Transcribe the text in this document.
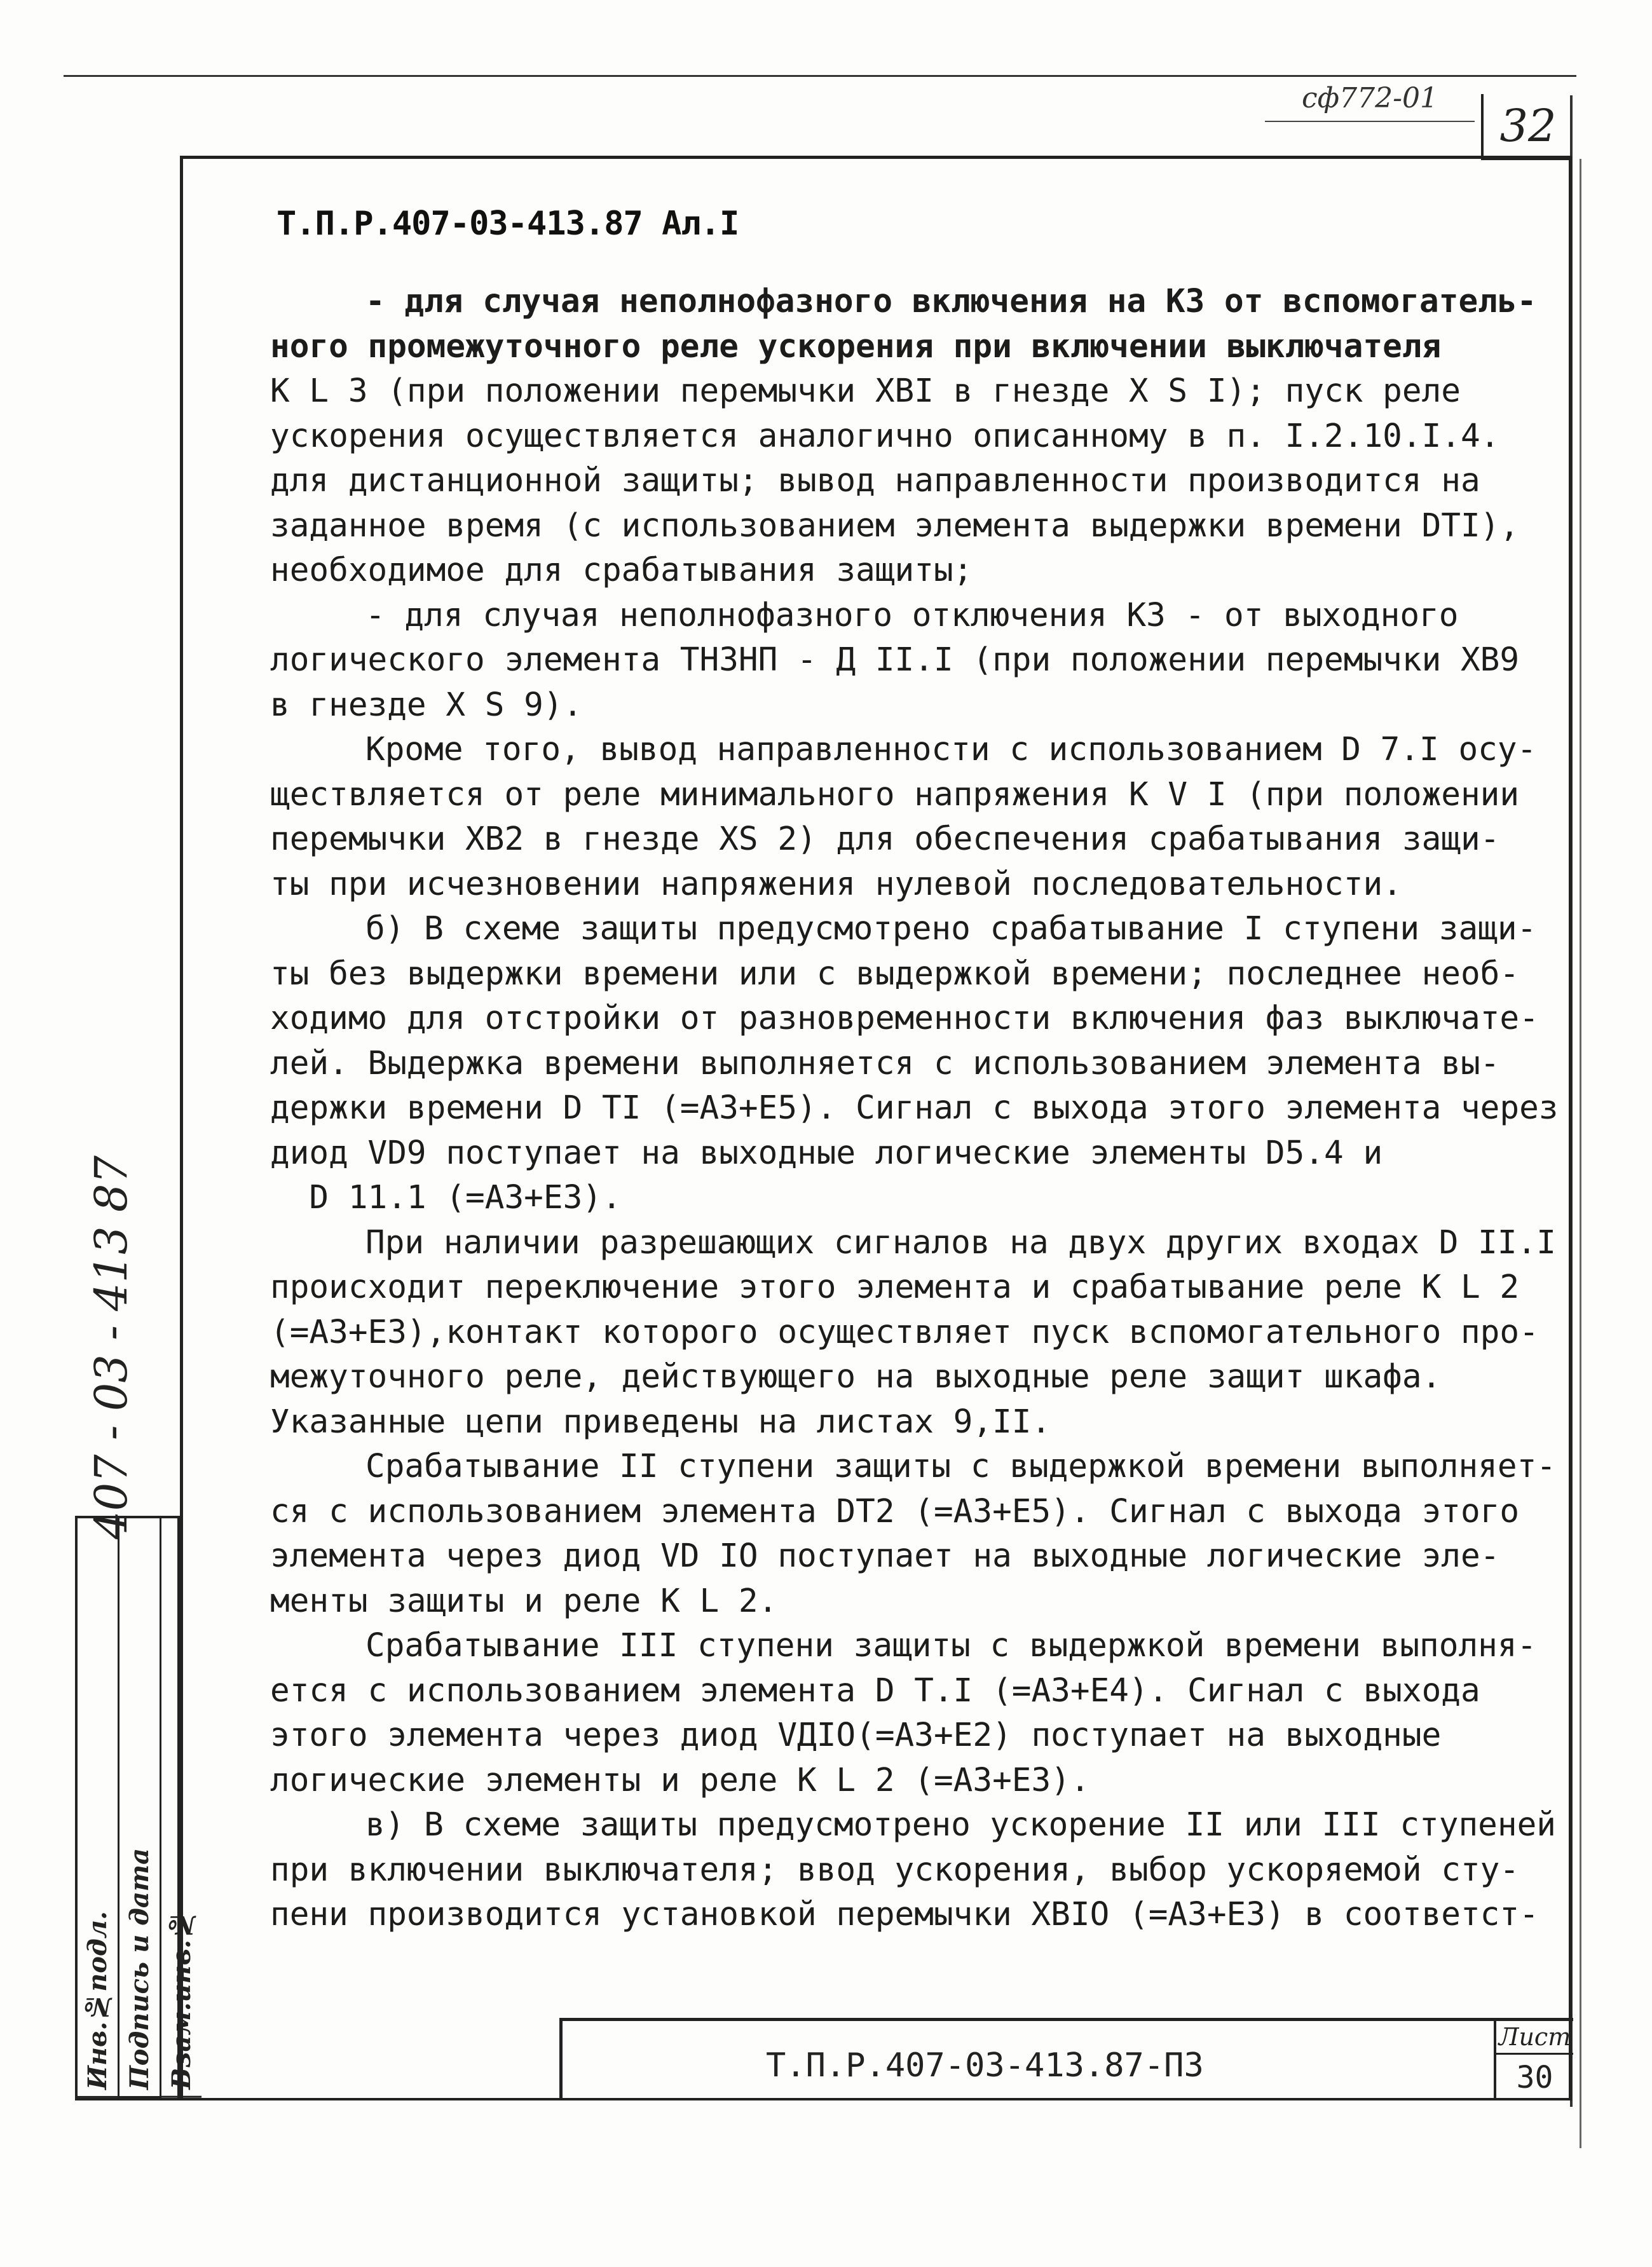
сф772-01
32
Т.П.Р.407-03-413.87 Ал.I

- для случая неполнофазного включения на КЗ от вспомогатель-

ного промежуточного реле ускорения при включении выключателя

К L 3 (при положении перемычки ХВI в гнезде Х S I); пуск реле

ускорения осуществляется аналогично описанному в п. I.2.10.I.4.

для дистанционной защиты; вывод направленности производится на

заданное время (с использованием элемента выдержки времени DTI),

необходимое для срабатывания защиты;

- для случая неполнофазного отключения КЗ - от выходного

логического элемента ТНЗНП - Д II.I (при положении перемычки ХВ9

в гнезде Х S 9).

Кроме того, вывод направленности с использованием D 7.I осу-

ществляется от реле минимального напряжения К V I (при положении

перемычки ХВ2 в гнезде ХS 2) для обеспечения срабатывания защи-

ты при исчезновении напряжения нулевой последовательности.

б) В схеме защиты предусмотрено срабатывание I ступени защи-

ты без выдержки времени или с выдержкой времени; последнее необ-

ходимо для отстройки от разновременности включения фаз выключате-

лей. Выдержка времени выполняется с использованием элемента вы-

держки времени D TI (=А3+Е5). Сигнал с выхода этого элемента через

диод VD9 поступает на выходные логические элементы D5.4 и

D 11.1 (=А3+Е3).

При наличии разрешающих сигналов на двух других входах D II.I

происходит переключение этого элемента и срабатывание реле К L 2

(=А3+Е3),контакт которого осуществляет пуск вспомогательного про-

межуточного реле, действующего на выходные реле защит шкафа.

Указанные цепи приведены на листах 9,II.

Срабатывание II ступени защиты с выдержкой времени выполняет-

ся с использованием элемента DT2 (=А3+Е5). Сигнал с выхода этого

элемента через диод VD IO поступает на выходные логические эле-

менты защиты и реле К L 2.

Срабатывание III ступени защиты с выдержкой времени выполня-

ется с использованием элемента D T.I (=А3+Е4). Сигнал с выхода

этого элемента через диод VДIO(=А3+Е2) поступает на выходные

логические элементы и реле К L 2 (=А3+Е3).

в) В схеме защиты предусмотрено ускорение II или III ступеней

при включении выключателя; ввод ускорения, выбор ускоряемой сту-

пени производится установкой перемычки ХВIO (=А3+Е3) в соответст-

407 - 03 - 413 87
Инв.№подл. Подпись и дата Взам.инв.№	Т.П.Р.407-03-413.87-ПЗ
Лист
30
